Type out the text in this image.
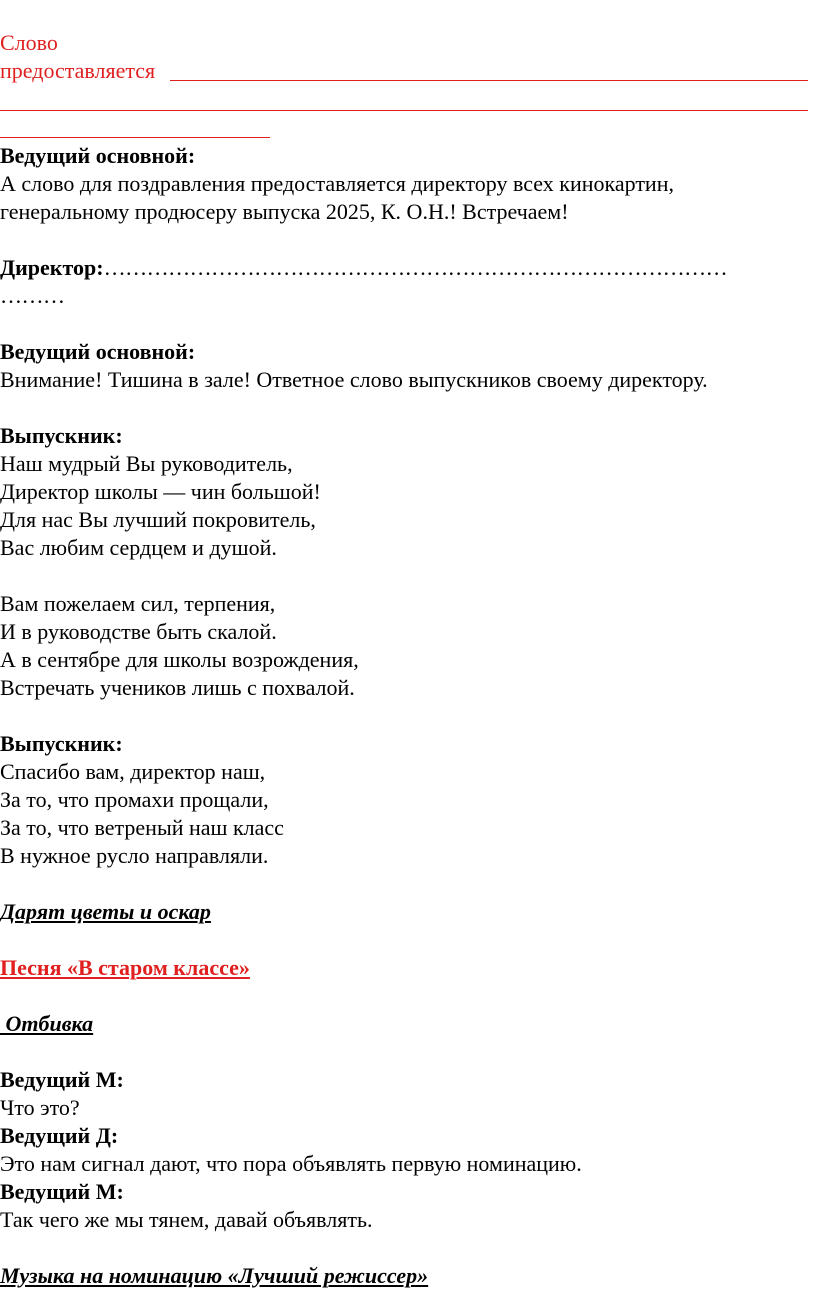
Слово
предоставляется
Ведущий основной:
А слово для поздравления предоставляется директору всех кинокартин,
генеральному продюсеру выпуска 2025, К. О.Н.! Встречаем!
Директор:……………………………………………………………………………
………
Ведущий основной:
Внимание! Тишина в зале! Ответное слово выпускников своему директору.
Выпускник:
Наш мудрый Вы руководитель,
Директор школы — чин большой!
Для нас Вы лучший покровитель,
Вас любим сердцем и душой.
Вам пожелаем сил, терпения,
И в руководстве быть скалой.
А в сентябре для школы возрождения,
Встречать учеников лишь с похвалой.
Выпускник:
Спасибо вам, директор наш,
За то, что промахи прощали,
За то, что ветреный наш класс
В нужное русло направляли.
Дарят цветы и оскар
Песня «В старом классе»
Отбивка
Ведущий М:
Что это?
Ведущий Д:
Это нам сигнал дают, что пора объявлять первую номинацию.
Ведущий М:
Так чего же мы тянем, давай объявлять.
Музыка на номинацию «Лучший режиссер»
